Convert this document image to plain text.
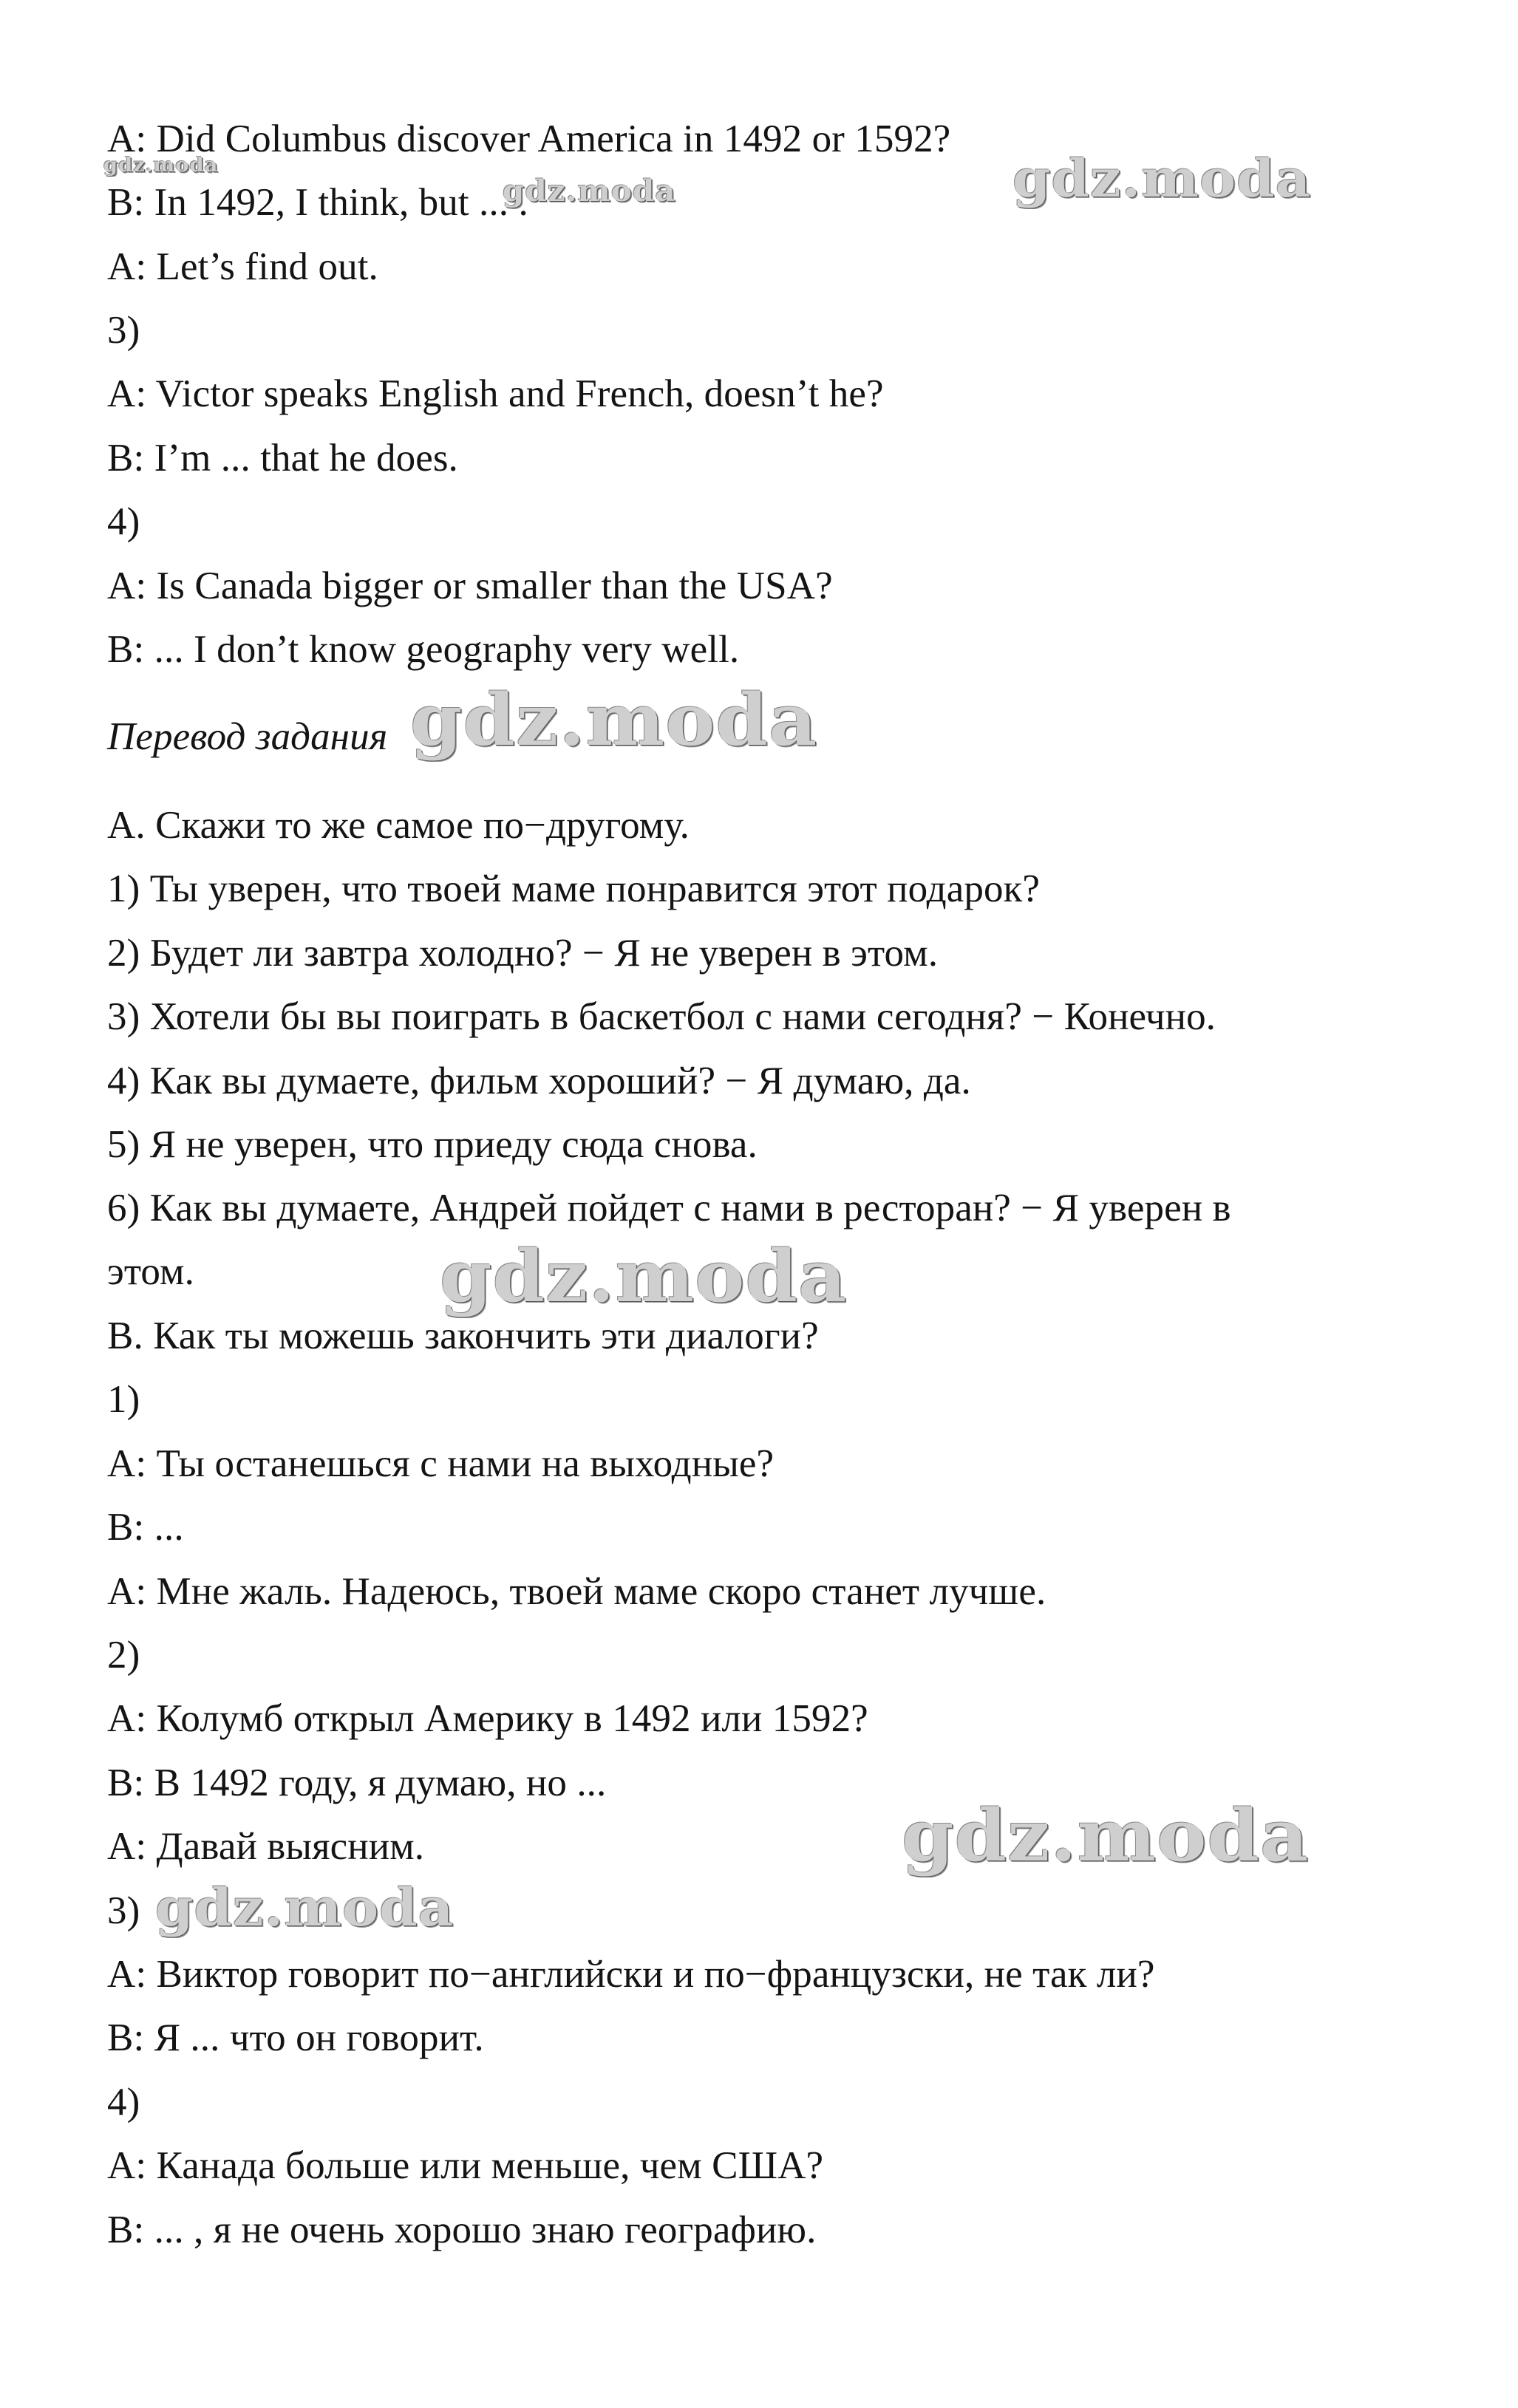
A: Did Columbus discover America in 1492 or 1592?
B: In 1492, I think, but ... .
A: Let’s find out.
3)
A: Victor speaks English and French, doesn’t he?
B: I’m ... that he does.
4)
A: Is Canada bigger or smaller than the USA?
B: ... I don’t know geography very well.
Перевод задания
A. Скажи то же самое по−другому.
1) Ты уверен, что твоей маме понравится этот подарок?
2) Будет ли завтра холодно? − Я не уверен в этом.
3) Хотели бы вы поиграть в баскетбол с нами сегодня? − Конечно.
4) Как вы думаете, фильм хороший? − Я думаю, да.
5) Я не уверен, что приеду сюда снова.
6) Как вы думаете, Андрей пойдет с нами в ресторан? − Я уверен в
этом.
B. Как ты можешь закончить эти диалоги?
1)
A: Ты останешься с нами на выходные?
B: ...
A: Мне жаль. Надеюсь, твоей маме скоро станет лучше.
2)
A: Колумб открыл Америку в 1492 или 1592?
B: В 1492 году, я думаю, но ...
A: Давай выясним.
3)
A: Виктор говорит по−английски и по−французски, не так ли?
B: Я ... что он говорит.
4)
A: Канада больше или меньше, чем США?
B: ... , я не очень хорошо знаю географию.
gdz.moda
gdz.moda	gdz.moda
gdz.moda
gdz.moda
gdz.moda
gdz.moda
